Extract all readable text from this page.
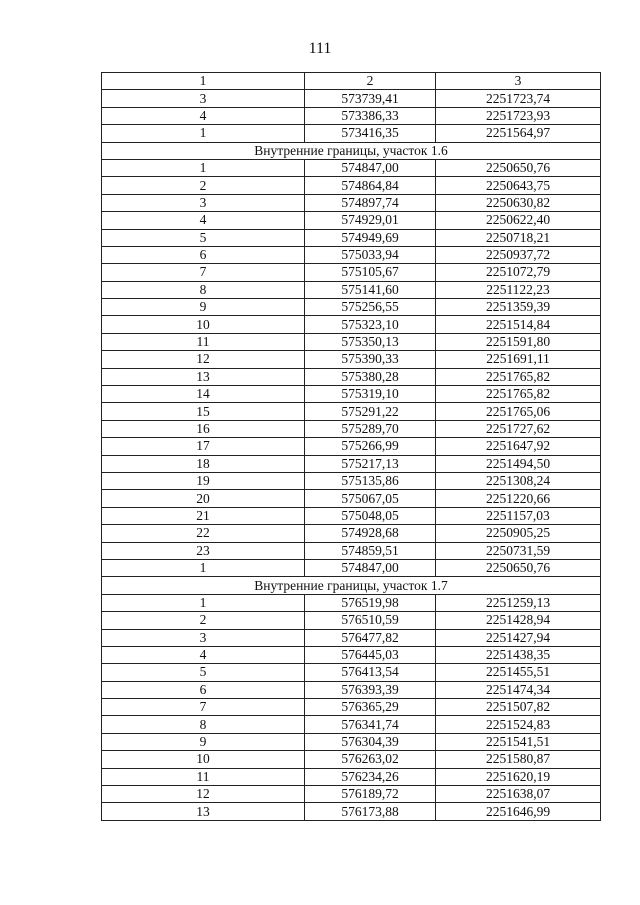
111
1	2	3
3	573739,41	2251723,74
4	573386,33	2251723,93
1	573416,35	2251564,97
Внутренние границы, участок 1.6		
1	574847,00	2250650,76
2	574864,84	2250643,75
3	574897,74	2250630,82
4	574929,01	2250622,40
5	574949,69	2250718,21
6	575033,94	2250937,72
7	575105,67	2251072,79
8	575141,60	2251122,23
9	575256,55	2251359,39
10	575323,10	2251514,84
11	575350,13	2251591,80
12	575390,33	2251691,11
13	575380,28	2251765,82
14	575319,10	2251765,82
15	575291,22	2251765,06
16	575289,70	2251727,62
17	575266,99	2251647,92
18	575217,13	2251494,50
19	575135,86	2251308,24
20	575067,05	2251220,66
21	575048,05	2251157,03
22	574928,68	2250905,25
23	574859,51	2250731,59
1	574847,00	2250650,76
Внутренние границы, участок 1.7		
1	576519,98	2251259,13
2	576510,59	2251428,94
3	576477,82	2251427,94
4	576445,03	2251438,35
5	576413,54	2251455,51
6	576393,39	2251474,34
7	576365,29	2251507,82
8	576341,74	2251524,83
9	576304,39	2251541,51
10	576263,02	2251580,87
11	576234,26	2251620,19
12	576189,72	2251638,07
13	576173,88	2251646,99
